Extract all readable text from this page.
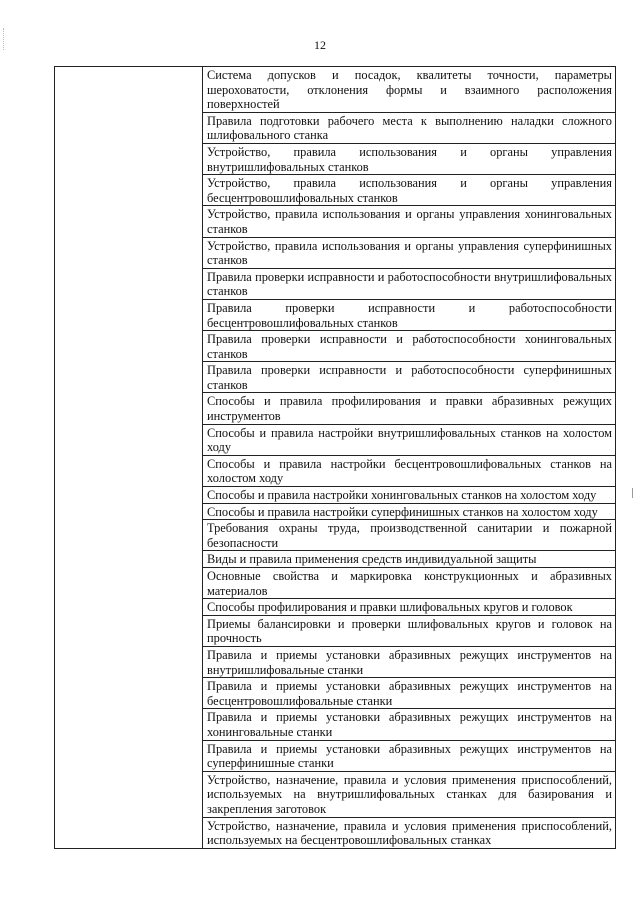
12

Система допусков и посадок, квалитеты точности, параметры шероховатости, отклонения формы и взаимного расположения поверхностей

Правила подготовки рабочего места к выполнению наладки сложного шлифовального станка

Устройство, правила использования и органы управления внутришлифовальных станков

Устройство, правила использования и органы управления бесцентровошлифовальных станков

Устройство, правила использования и органы управления хонинговальных станков

Устройство, правила использования и органы управления суперфинишных станков

Правила проверки исправности и работоспособности внутришлифовальных станков

Правила проверки исправности и работоспособности бесцентровошлифовальных станков

Правила проверки исправности и работоспособности хонинговальных станков

Правила проверки исправности и работоспособности суперфинишных станков

Способы и правила профилирования и правки абразивных режущих инструментов

Способы и правила настройки внутришлифовальных станков на холостом ходу

Способы и правила настройки бесцентровошлифовальных станков на холостом ходу

Способы и правила настройки хонинговальных станков на холостом ходу

Способы и правила настройки суперфинишных станков на холостом ходу

Требования охраны труда, производственной санитарии и пожарной безопасности

Виды и правила применения средств индивидуальной защиты

Основные свойства и маркировка конструкционных и абразивных материалов

Способы профилирования и правки шлифовальных кругов и головок

Приемы балансировки и проверки шлифовальных кругов и головок на прочность

Правила и приемы установки абразивных режущих инструментов на внутришлифовальные станки

Правила и приемы установки абразивных режущих инструментов на бесцентровошлифовальные станки

Правила и приемы установки абразивных режущих инструментов на хонинговальные станки

Правила и приемы установки абразивных режущих инструментов на суперфинишные станки

Устройство, назначение, правила и условия применения приспособлений, используемых на внутришлифовальных станках для базирования и закрепления заготовок

Устройство, назначение, правила и условия применения приспособлений, используемых на бесцентровошлифовальных станках
